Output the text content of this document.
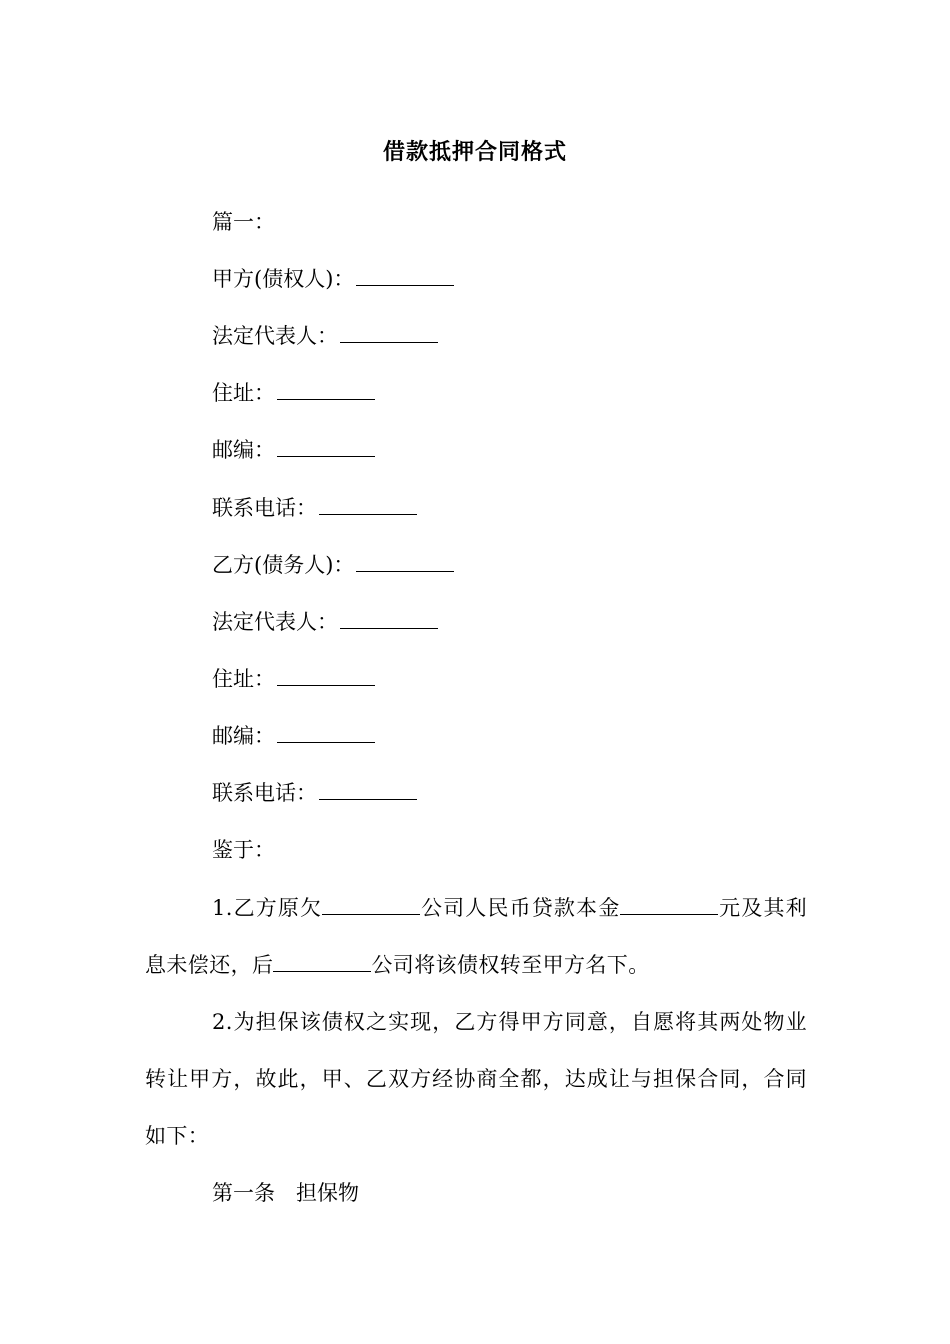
借款抵押合同格式
篇一：
甲方(债权人)：
法定代表人：
住址：
邮编：
联系电话：
乙方(债务人)：
法定代表人：
住址：
邮编：
联系电话：
鉴于：
1.乙方原欠	公司人民币贷款本金	元及其利息未偿还，后	公司将该债权转至甲方名下。
2.为担保该债权之实现，乙方得甲方同意，自愿将其两处物业转让甲方，故此，甲、乙双方经协商全都，达成让与担保合同，合同如下：
第一条　担保物
